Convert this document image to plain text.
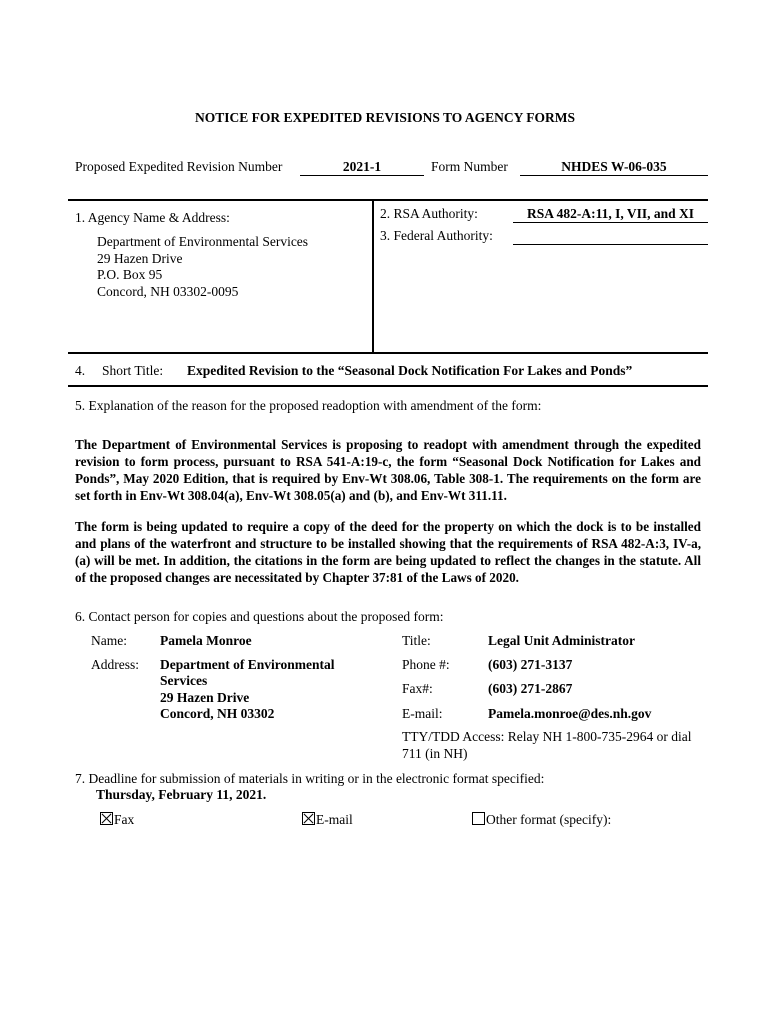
NOTICE FOR EXPEDITED REVISIONS TO AGENCY FORMS
Proposed Expedited Revision Number	2021-1	Form Number	NHDES W-06-035
1. Agency Name & Address:
Department of Environmental Services
29 Hazen Drive
P.O. Box 95
Concord, NH 03302-0095
2. RSA Authority:	RSA 482-A:11, I, VII, and XI
3. Federal Authority:
4. Short Title: Expedited Revision to the “Seasonal Dock Notification For Lakes and Ponds”
5. Explanation of the reason for the proposed readoption with amendment of the form:
The Department of Environmental Services is proposing to readopt with amendment through the expedited revision to form process, pursuant to RSA 541-A:19-c, the form “Seasonal Dock Notification for Lakes and Ponds”, May 2020 Edition, that is required by Env-Wt 308.06, Table 308-1. The requirements on the form are set forth in Env-Wt 308.04(a), Env-Wt 308.05(a) and (b), and Env-Wt 311.11.
The form is being updated to require a copy of the deed for the property on which the dock is to be installed and plans of the waterfront and structure to be installed showing that the requirements of RSA 482-A:3, IV-a,(a) will be met. In addition, the citations in the form are being updated to reflect the changes in the statute. All of the proposed changes are necessitated by Chapter 37:81 of the Laws of 2020.
6. Contact person for copies and questions about the proposed form:
Name: Pamela Monroe	Title:	Legal Unit Administrator
Address: Department of Environmental
Services
29 Hazen Drive
Concord, NH 03302
Phone #:	(603) 271-3137
Fax#:	(603) 271-2867
E-mail:	Pamela.monroe@des.nh.gov
TTY/TDD Access: Relay NH 1-800-735-2964 or dial
711 (in NH)
7. Deadline for submission of materials in writing or in the electronic format specified:
Thursday, February 11, 2021.
Fax	E-mail	Other format (specify):
